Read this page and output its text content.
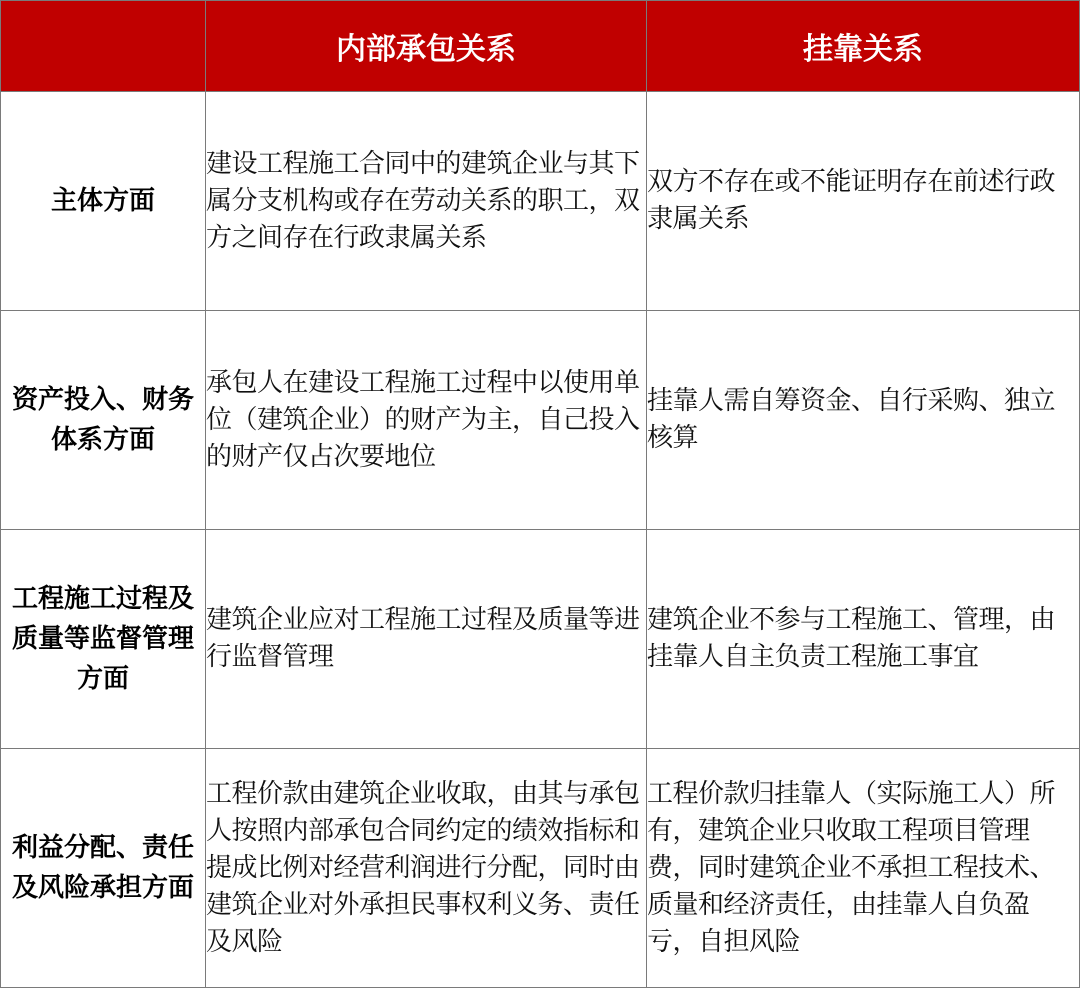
	内部承包关系	挂靠关系
主体方面	建设工程施工合同中的建筑企业与其下属分支机构或存在劳动关系的职工，双方之间存在行政隶属关系	双方不存在或不能证明存在前述行政隶属关系
资产投入、财务体系方面	承包人在建设工程施工过程中以使用单位（建筑企业）的财产为主，自己投入的财产仅占次要地位	挂靠人需自筹资金、自行采购、独立核算
工程施工过程及质量等监督管理方面	建筑企业应对工程施工过程及质量等进行监督管理	建筑企业不参与工程施工、管理，由挂靠人自主负责工程施工事宜
利益分配、责任及风险承担方面	工程价款由建筑企业收取，由其与承包人按照内部承包合同约定的绩效指标和提成比例对经营利润进行分配，同时由建筑企业对外承担民事权利义务、责任及风险	工程价款归挂靠人（实际施工人）所有，建筑企业只收取工程项目管理费，同时建筑企业不承担工程技术、质量和经济责任，由挂靠人自负盈亏，自担风险
